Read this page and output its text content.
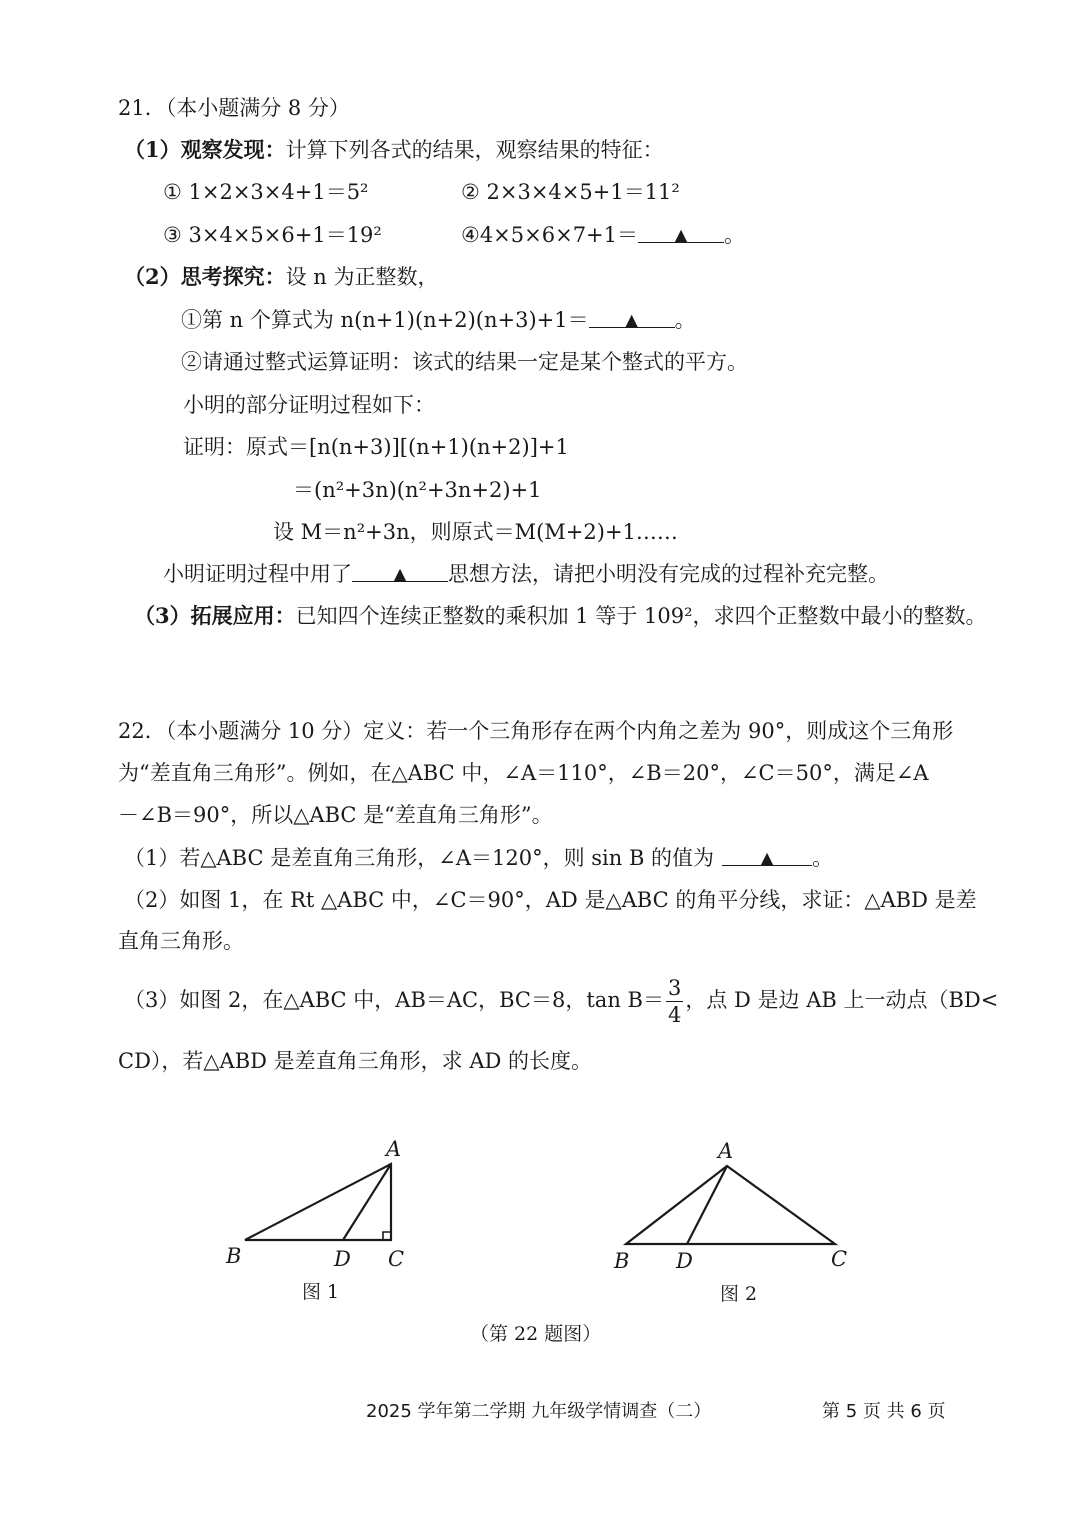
21．（本小题满分 8 分）
（1）观察发现：计算下列各式的结果，观察结果的特征：
① 1×2×3×4+1＝5²	② 2×3×4×5+1＝11²
③ 3×4×5×6+1＝19²	④4×5×6×7+1＝ ▲ 。
（2）思考探究：设 n 为正整数，
①第 n 个算式为 n(n+1)(n+2)(n+3)+1＝ ▲ 。
②请通过整式运算证明：该式的结果一定是某个整式的平方。
小明的部分证明过程如下：
证明：原式＝[n(n+3)][(n+1)(n+2)]+1
＝(n²+3n)(n²+3n+2)+1
设 M＝n²+3n，则原式＝M(M+2)+1……
小明证明过程中用了	▲ 思想方法，请把小明没有完成的过程补充完整。
（3）拓展应用：已知四个连续正整数的乘积加 1 等于 109²，求四个正整数中最小的整数。
22．（本小题满分 10 分）定义：若一个三角形存在两个内角之差为 90°，则成这个三角形
为“差直角三角形”。例如，在△ABC 中，∠A＝110°，∠B＝20°，∠C＝50°，满足∠A
－∠B＝90°，所以△ABC 是“差直角三角形”。
（1）若△ABC 是差直角三角形，∠A＝120°，则 sin B 的值为	▲ 。
（2）如图 1，在 Rt △ABC 中，∠C＝90°，AD 是△ABC 的角平分线，求证：△ABD 是差
直角三角形。
（3）如图 2，在△ABC 中，AB＝AC，BC＝8，$\tan B= \frac{3}{4}$ ，点 D 是边 AB 上一动点（BD<
CD），若△ABD 是差直角三角形，求 AD 的长度。
A
B	D C
图 1
A
B D	C
图 2
（第 22 题图）
2025 学年第二学期 九年级学情调查（二）	第 5 页 共 6 页
